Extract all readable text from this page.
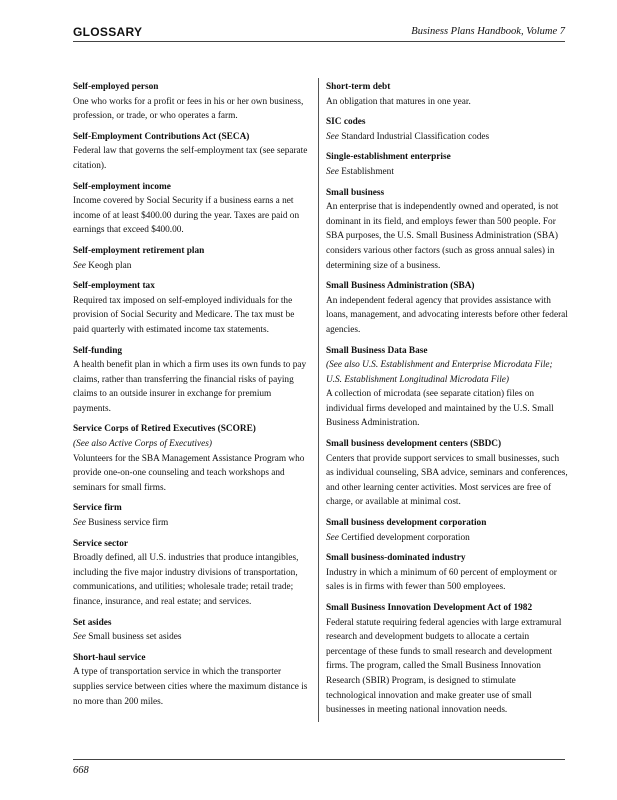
GLOSSARY	Business Plans Handbook, Volume 7
Self-employed person
One who works for a profit or fees in his or her own business, profession, or trade, or who operates a farm.
Self-Employment Contributions Act (SECA)
Federal law that governs the self-employment tax (see separate citation).
Self-employment income
Income covered by Social Security if a business earns a net income of at least $400.00 during the year. Taxes are paid on earnings that exceed $400.00.
Self-employment retirement plan
See Keogh plan
Self-employment tax
Required tax imposed on self-employed individuals for the provision of Social Security and Medicare. The tax must be paid quarterly with estimated income tax statements.
Self-funding
A health benefit plan in which a firm uses its own funds to pay claims, rather than transferring the financial risks of paying claims to an outside insurer in exchange for premium payments.
Service Corps of Retired Executives (SCORE)
(See also Active Corps of Executives)
Volunteers for the SBA Management Assistance Program who provide one-on-one counseling and teach workshops and seminars for small firms.
Service firm
See Business service firm
Service sector
Broadly defined, all U.S. industries that produce intangibles, including the five major industry divisions of transportation, communications, and utilities; wholesale trade; retail trade; finance, insurance, and real estate; and services.
Set asides
See Small business set asides
Short-haul service
A type of transportation service in which the transporter supplies service between cities where the maximum distance is no more than 200 miles.
Short-term debt
An obligation that matures in one year.
SIC codes
See Standard Industrial Classification codes
Single-establishment enterprise
See Establishment
Small business
An enterprise that is independently owned and operated, is not dominant in its field, and employs fewer than 500 people. For SBA purposes, the U.S. Small Business Administration (SBA) considers various other factors (such as gross annual sales) in determining size of a business.
Small Business Administration (SBA)
An independent federal agency that provides assistance with loans, management, and advocating interests before other federal agencies.
Small Business Data Base
(See also U.S. Establishment and Enterprise Microdata File; U.S. Establishment Longitudinal Microdata File)
A collection of microdata (see separate citation) files on individual firms developed and maintained by the U.S. Small Business Administration.
Small business development centers (SBDC)
Centers that provide support services to small businesses, such as individual counseling, SBA advice, seminars and conferences, and other learning center activities. Most services are free of charge, or available at minimal cost.
Small business development corporation
See Certified development corporation
Small business-dominated industry
Industry in which a minimum of 60 percent of employment or sales is in firms with fewer than 500 employees.
Small Business Innovation Development Act of 1982
Federal statute requiring federal agencies with large extramural research and development budgets to allocate a certain percentage of these funds to small research and development firms. The program, called the Small Business Innovation Research (SBIR) Program, is designed to stimulate technological innovation and make greater use of small businesses in meeting national innovation needs.
668
